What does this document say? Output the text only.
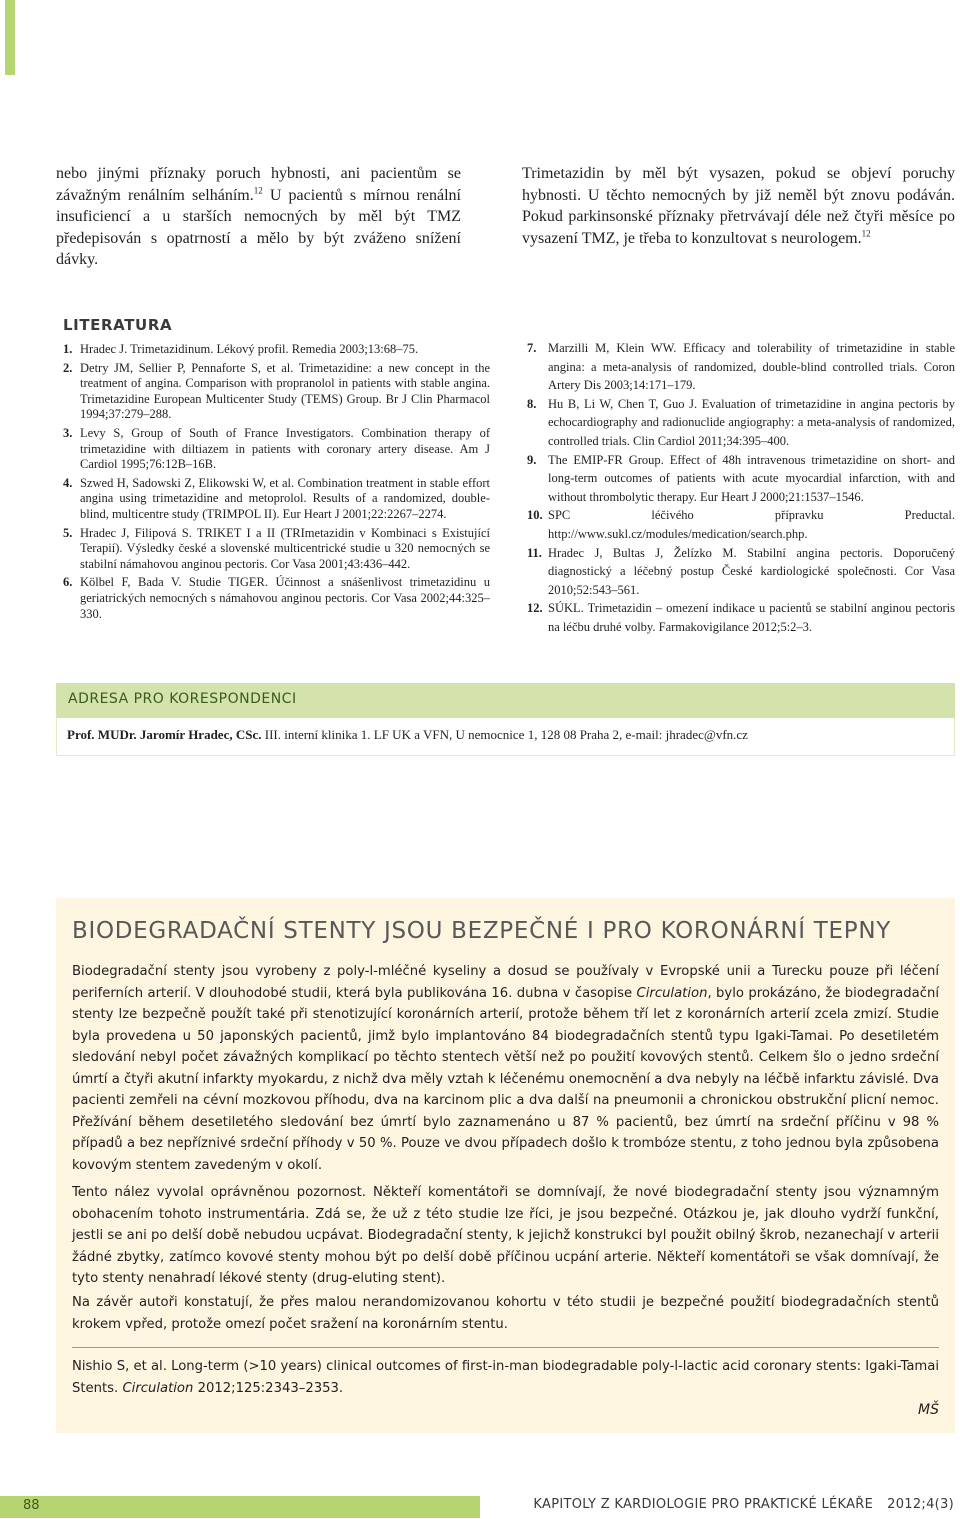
nebo jinými příznaky poruch hybnosti, ani pacientům se závažným renálním selháním.$^{12}$ U pacientů s mírnou renální insuficiencí a u starších nemocných by měl být TMZ předepisován s opatrností a mělo by být zváženo snížení dávky.

Trimetazidin by měl být vysazen, pokud se objeví poruchy hybnosti. U těchto nemocných by již neměl být znovu podáván. Pokud parkinsonské příznaky přetrvávají déle než čtyři měsíce po vysazení TMZ, je třeba to konzultovat s neurologem.$^{12}$

LITERATURA
1. Hradec J. Trimetazidinum. Lékový profil. Remedia 2003;13:68–75.
2. Detry JM, Sellier P, Pennaforte S, et al. Trimetazidine: a new concept in the treatment of angina. Comparison with propranolol in patients with stable angina. Trimetazidine European Multicenter Study (TEMS) Group. Br J Clin Pharmacol 1994;37:279–288.
3. Levy S, Group of South of France Investigators. Combination therapy of trimetazidine with diltiazem in patients with coronary artery disease. Am J Cardiol 1995;76:12B–16B.
4. Szwed H, Sadowski Z, Elikowski W, et al. Combination treatment in stable effort angina using trimetazidine and metoprolol. Results of a randomized, double-blind, multicentre study (TRIMPOL II). Eur Heart J 2001;22:2267–2274.
5. Hradec J, Filipová S. TRIKET I a II (TRImetazidin v Kombinaci s Existující Terapií). Výsledky české a slovenské multicentrické studie u 320 nemocných se stabilní námahovou anginou pectoris. Cor Vasa 2001;43:436–442.
6. Kölbel F, Bada V. Studie TIGER. Účinnost a snášenlivost trimetazidinu u geriatrických nemocných s námahovou anginou pectoris. Cor Vasa 2002;44:325–330.
7. Marzilli M, Klein WW. Efficacy and tolerability of trimetazidine in stable angina: a meta-analysis of randomized, double-blind controlled trials. Coron Artery Dis 2003;14:171–179.
8. Hu B, Li W, Chen T, Guo J. Evaluation of trimetazidine in angina pectoris by echocardiography and radionuclide angiography: a meta-analysis of randomized, controlled trials. Clin Cardiol 2011;34:395–400.
9. The EMIP-FR Group. Effect of 48h intravenous trimetazidine on short- and long-term outcomes of patients with acute myocardial infarction, with and without thrombolytic therapy. Eur Heart J 2000;21:1537–1546.
10. SPC léčivého přípravku Preductal. http://www.sukl.cz/modules/medication/search.php.
11. Hradec J, Bultas J, Želízko M. Stabilní angina pectoris. Doporučený diagnostický a léčebný postup České kardiologické společnosti. Cor Vasa 2010;52:543–561.
12. SÚKL. Trimetazidin – omezení indikace u pacientů se stabilní anginou pectoris na léčbu druhé volby. Farmakovigilance 2012;5:2–3.
ADRESA PRO KORESPONDENCI
Prof. MUDr. Jaromír Hradec, CSc. III. interní klinika 1. LF UK a VFN, U nemocnice 1, 128 08 Praha 2, e-mail: jhradec@vfn.cz
BIODEGRADAČNÍ STENTY JSOU BEZPEČNÉ I PRO KORONÁRNÍ TEPNY

Biodegradační stenty jsou vyrobeny z poly-l-mléčné kyseliny a dosud se používaly v Evropské unii a Turecku pouze při léčení periferních arterií. V dlouhodobé studii, která byla publikována 16. dubna v časopise Circulation, bylo prokázáno, že biodegradační stenty lze bezpečně použít také při stenotizující koronárních arterií, protože během tří let z koronárních arterií zcela zmizí. Studie byla provedena u 50 japonských pacientů, jimž bylo implantováno 84 biodegradačních stentů typu Igaki-Tamai. Po desetiletém sledování nebyl počet závažných komplikací po těchto stentech větší než po použití kovových stentů. Celkem šlo o jedno srdeční úmrtí a čtyři akutní infarkty myokardu, z nichž dva měly vztah k léčenému onemocnění a dva nebyly na léčbě infarktu závislé. Dva pacienti zemřeli na cévní mozkovou příhodu, dva na karcinom plic a dva další na pneumonii a chronickou obstrukční plicní nemoc. Přežívání během desetiletého sledování bez úmrtí bylo zaznamenáno u 87 % pacientů, bez úmrtí na srdeční příčinu v 98 % případů a bez nepříznivé srdeční příhody v 50 %. Pouze ve dvou případech došlo k trombóze stentu, z toho jednou byla způsobena kovovým stentem zavedeným v okolí.

Tento nález vyvolal oprávněnou pozornost. Někteří komentátoři se domnívají, že nové biodegradační stenty jsou významným obohacením tohoto instrumentária. Zdá se, že už z této studie lze říci, je jsou bezpečné. Otázkou je, jak dlouho vydrží funkční, jestli se ani po delší době nebudou ucpávat. Biodegradační stenty, k jejichž konstrukci byl použit obilný škrob, nezanechají v arterii žádné zbytky, zatímco kovové stenty mohou být po delší době příčinou ucpání arterie. Někteří komentátoři se však domnívají, že tyto stenty nenahradí lékové stenty (drug-eluting stent).

Na závěr autoři konstatují, že přes malou nerandomizovanou kohortu v této studii je bezpečné použití biodegradačních stentů krokem vpřed, protože omezí počet sražení na koronárním stentu.

Nishio S, et al. Long-term (>10 years) clinical outcomes of first-in-man biodegradable poly-l-lactic acid coronary stents: Igaki-Tamai Stents. Circulation 2012;125:2343–2353.

MŠ
88	KAPITOLY Z KARDIOLOGIE PRO PRAKTICKÉ LÉKAŘE 2012;4(3)
